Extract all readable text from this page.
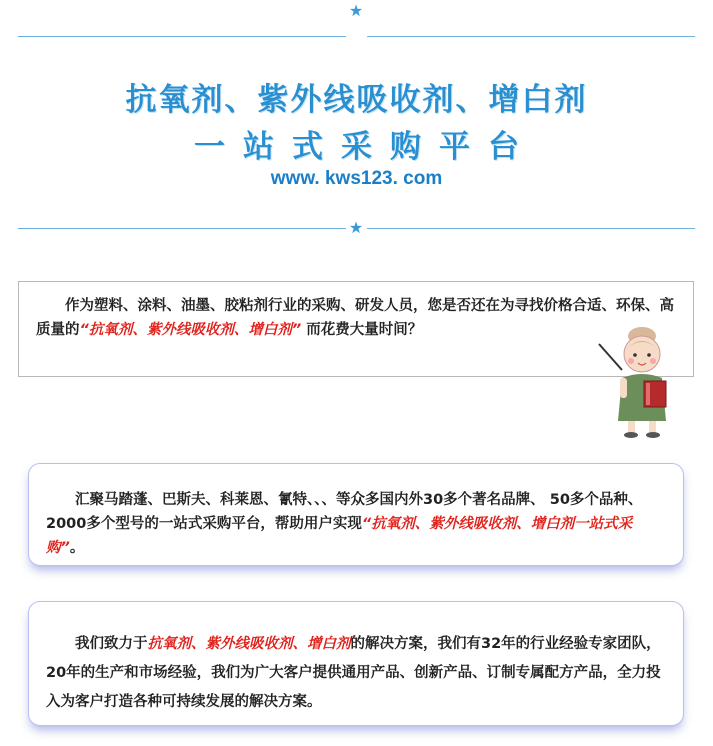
★
抗氧剂、紫外线吸收剂、增白剂
一站式采购平台
www. kws123. com
★
作为塑料、涂料、油墨、胶粘剂行业的采购、研发人员，您是否还在为寻找价格合适、环保、高质量的“抗氧剂、紫外线吸收剂、增白剂” 而花费大量时间？
汇聚马踏蓬、巴斯夫、科莱恩、氰特、、、等众多国内外30多个著名品牌、 50多个品种、2000多个型号的一站式采购平台，帮助用户实现“抗氧剂、紫外线吸收剂、增白剂一站式采购”。
我们致力于抗氧剂、紫外线吸收剂、增白剂的解决方案，我们有32年的行业经验专家团队，20年的生产和市场经验，我们为广大客户提供通用产品、创新产品、订制专属配方产品，全力投入为客户打造各种可持续发展的解决方案。
